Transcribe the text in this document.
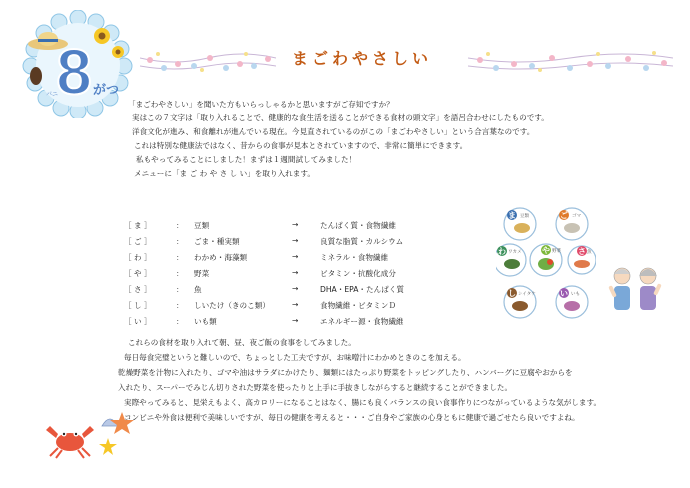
8 がつ
バニ
まごわやさしい
「まごわやさしい」を聞いた方もいらっしゃるかと思いますがご存知ですか？
実はこの７文字は「取り入れることで、健康的な食生活を送ることができる食材の頭文字」を語呂合わせにしたものです。
洋食文化が進み、和食離れが進んでいる現在。今見直されているのがこの「まごわやさしい」という合言葉なのです。
これは特別な健康法ではなく、昔からの食事が見本とされていますので、非常に簡単にできます。
私もやってみることにしました！まずは１週間試してみました！
メニューに「ま ご わ や さ し い」を取り入れます。
［ ま ］	： 豆類	→	たんぱく質・食物繊維
［ ご ］	： ごま・種実類	→	良質な脂質・カルシウム
［ わ ］	： わかめ・海藻類	→	ミネラル・食物繊維
［ や ］	： 野菜	→	ビタミン・抗酸化成分
［ さ ］	： 魚	→	DHA・EPA・たんぱく質
［ し ］	： しいたけ（きのこ類）	→	食物繊維・ビタミンＤ
［ い ］	： いも類	→	エネルギー源・食物繊維
ま	ご
わ	や	さ
し	い
豆類	ゴマ
ワカメ	野菜	魚
シイタケ	いも
これらの食材を取り入れて朝、昼、夜ご飯の食事をしてみました。
毎日毎食完璧というと難しいので、ちょっとした工夫ですが、お味噌汁にわかめときのこを加える。
乾燥野菜を汁物に入れたり、ゴマや油はサラダにかけたり、麺類にはたっぷり野菜をトッピングしたり、ハンバーグに豆腐やおからを
入れたり、スーパーでみじん切りされた野菜を使ったりと上手に手抜きしながらすると継続することができました。
実際やってみると、見栄えもよく、高カロリーになることはなく、腸にも良くバランスの良い食事作りにつながっているような気がします。
コンビニや外食は便利で美味しいですが、毎日の健康を考えると・・・ご自身やご家族の心身ともに健康で過ごせたら良いですよね。
